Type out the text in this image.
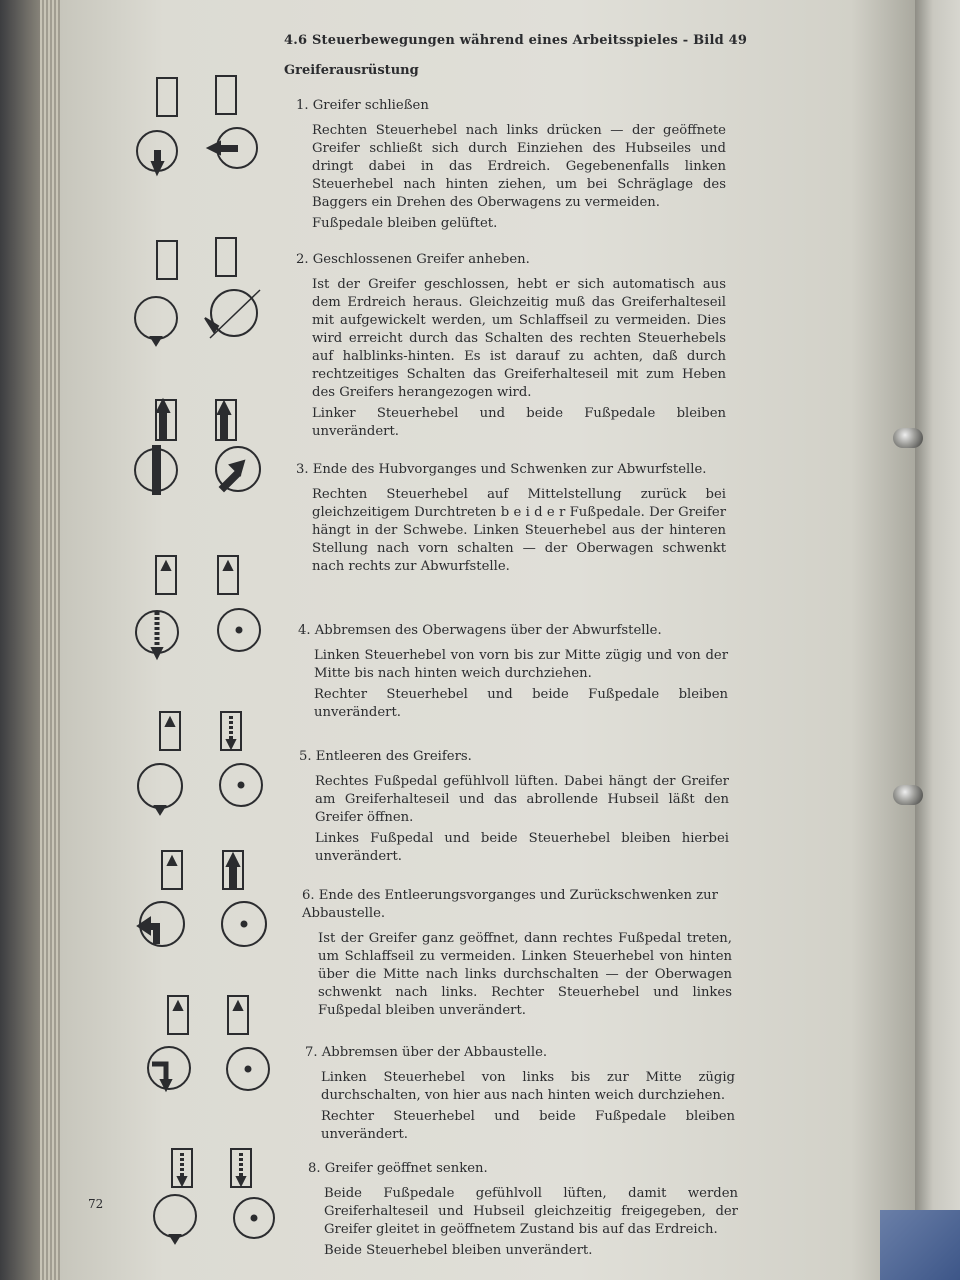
4.6 Steuerbewegungen während eines Arbeitsspieles - Bild 49
Greiferausrüstung
1. Greifer schließen

Rechten Steuerhebel nach links drücken — der geöffnete Greifer schließt sich durch Einziehen des Hubseiles und dringt dabei in das Erdreich. Gegebenenfalls linken Steuerhebel nach hinten ziehen, um bei Schräglage des Baggers ein Drehen des Oberwagens zu vermeiden.

Fußpedale bleiben gelüftet.

2. Geschlossenen Greifer anheben.

Ist der Greifer geschlossen, hebt er sich automatisch aus dem Erdreich heraus. Gleichzeitig muß das Greiferhalteseil mit aufgewickelt werden, um Schlaffseil zu vermeiden. Dies wird erreicht durch das Schalten des rechten Steuerhebels auf halblinks-hinten. Es ist darauf zu achten, daß durch rechtzeitiges Schalten das Greiferhalteseil mit zum Heben des Greifers herangezogen wird.

Linker Steuerhebel und beide Fußpedale bleiben unverändert.

3. Ende des Hubvorganges und Schwenken zur Abwurfstelle.

Rechten Steuerhebel auf Mittelstellung zurück bei gleichzeitigem Durchtreten b e i d e r Fußpedale. Der Greifer hängt in der Schwebe. Linken Steuerhebel aus der hinteren Stellung nach vorn schalten — der Oberwagen schwenkt nach rechts zur Abwurfstelle.

4. Abbremsen des Oberwagens über der Abwurfstelle.

Linken Steuerhebel von vorn bis zur Mitte zügig und von der Mitte bis nach hinten weich durchziehen.

Rechter Steuerhebel und beide Fußpedale bleiben unverändert.

5. Entleeren des Greifers.

Rechtes Fußpedal gefühlvoll lüften. Dabei hängt der Greifer am Greiferhalteseil und das abrollende Hubseil läßt den Greifer öffnen.

Linkes Fußpedal und beide Steuerhebel bleiben hierbei unverändert.

6. Ende des Entleerungsvorganges und Zurückschwenken zur Abbaustelle.

Ist der Greifer ganz geöffnet, dann rechtes Fußpedal treten, um Schlaffseil zu vermeiden. Linken Steuerhebel von hinten über die Mitte nach links durchschalten — der Oberwagen schwenkt nach links. Rechter Steuerhebel und linkes Fußpedal bleiben unverändert.

7. Abbremsen über der Abbaustelle.

Linken Steuerhebel von links bis zur Mitte zügig durchschalten, von hier aus nach hinten weich durchziehen.

Rechter Steuerhebel und beide Fußpedale bleiben unverändert.

8. Greifer geöffnet senken.

Beide Fußpedale gefühlvoll lüften, damit werden Greiferhalteseil und Hubseil gleichzeitig freigegeben, der Greifer gleitet in geöffnetem Zustand bis auf das Erdreich.

Beide Steuerhebel bleiben unverändert.

72
